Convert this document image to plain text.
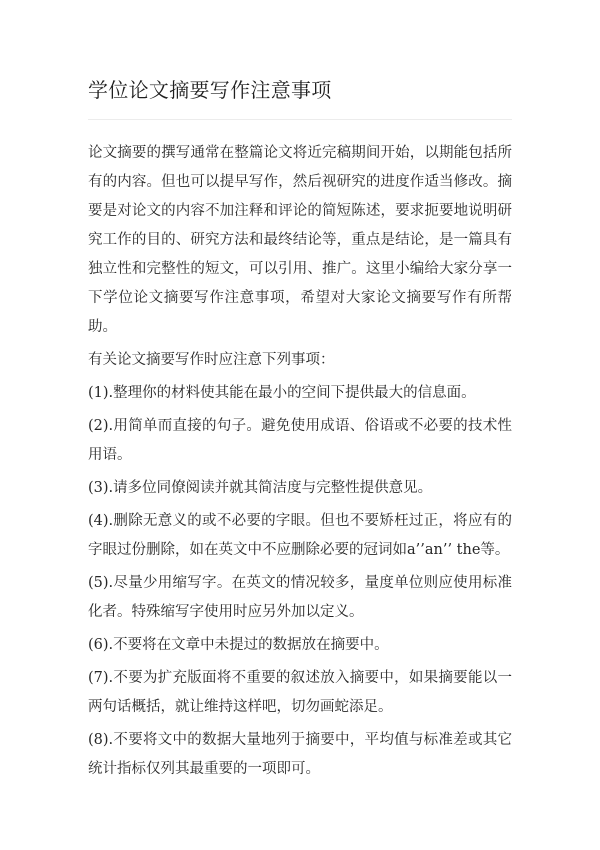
学位论文摘要写作注意事项

论文摘要的撰写通常在整篇论文将近完稿期间开始，以期能包括所有的内容。但也可以提早写作，然后视研究的进度作适当修改。摘要是对论文的内容不加注释和评论的简短陈述，要求扼要地说明研究工作的目的、研究方法和最终结论等，重点是结论，是一篇具有独立性和完整性的短文，可以引用、推广。这里小编给大家分享一下学位论文摘要写作注意事项，希望对大家论文摘要写作有所帮助。

有关论文摘要写作时应注意下列事项：

(1).整理你的材料使其能在最小的空间下提供最大的信息面。

(2).用简单而直接的句子。避免使用成语、俗语或不必要的技术性用语。

(3).请多位同僚阅读并就其简洁度与完整性提供意见。

(4).删除无意义的或不必要的字眼。但也不要矫枉过正，将应有的字眼过份删除，如在英文中不应删除必要的冠词如a’’an’’ the等。

(5).尽量少用缩写字。在英文的情况较多，量度单位则应使用标准化者。特殊缩写字使用时应另外加以定义。

(6).不要将在文章中未提过的数据放在摘要中。

(7).不要为扩充版面将不重要的叙述放入摘要中，如果摘要能以一两句话概括，就让维持这样吧，切勿画蛇添足。

(8).不要将文中的数据大量地列于摘要中，平均值与标准差或其它统计指标仅列其最重要的一项即可。
